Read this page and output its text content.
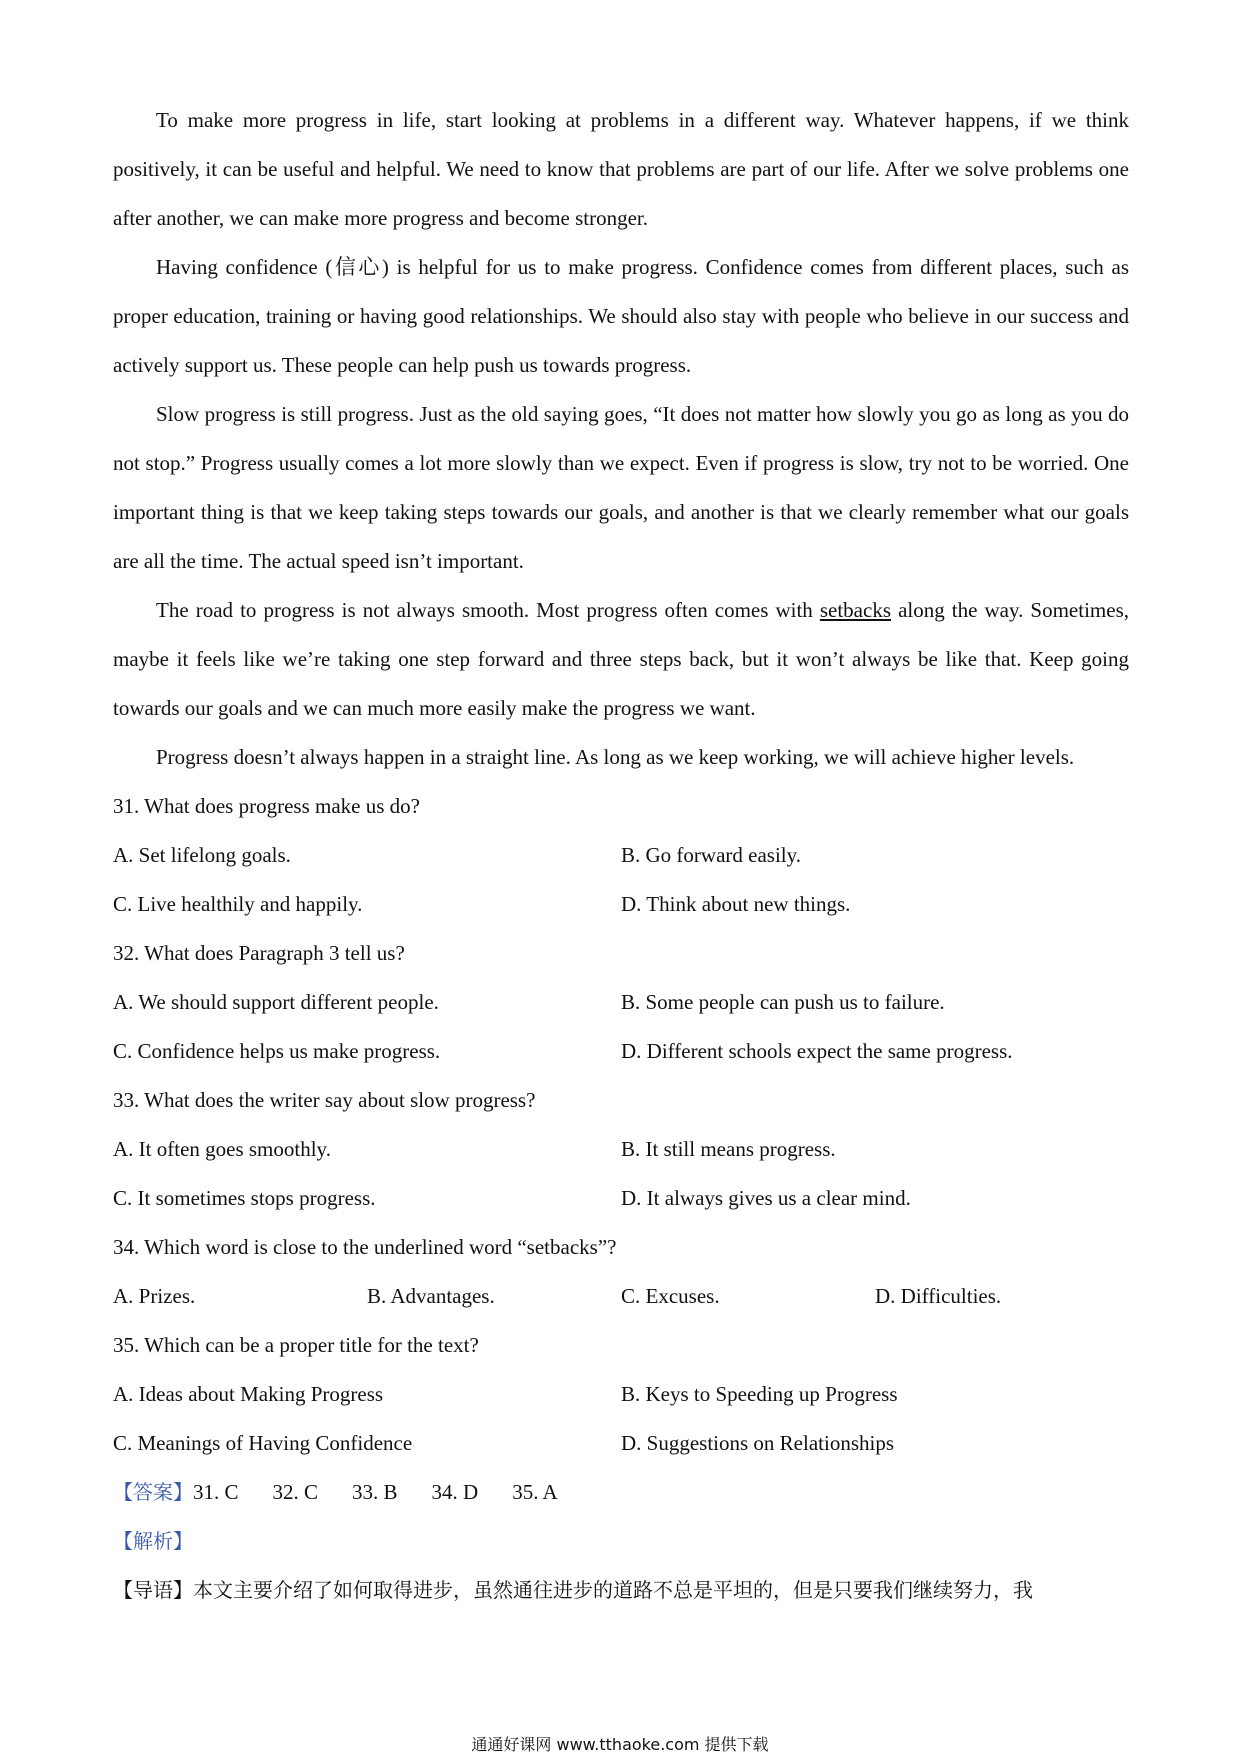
To make more progress in life, start looking at problems in a different way. Whatever happens, if we think positively, it can be useful and helpful. We need to know that problems are part of our life. After we solve problems one after another, we can make more progress and become stronger.

Having confidence (信心) is helpful for us to make progress. Confidence comes from different places, such as proper education, training or having good relationships. We should also stay with people who believe in our success and actively support us. These people can help push us towards progress.

Slow progress is still progress. Just as the old saying goes, “It does not matter how slowly you go as long as you do not stop.” Progress usually comes a lot more slowly than we expect. Even if progress is slow, try not to be worried. One important thing is that we keep taking steps towards our goals, and another is that we clearly remember what our goals are all the time. The actual speed isn’t important.

The road to progress is not always smooth. Most progress often comes with setbacks along the way. Sometimes, maybe it feels like we’re taking one step forward and three steps back, but it won’t always be like that. Keep going towards our goals and we can much more easily make the progress we want.

Progress doesn’t always happen in a straight line. As long as we keep working, we will achieve higher levels.

31. What does progress make us do?

A. Set lifelong goals.	B. Go forward easily.
C. Live healthily and happily.	D. Think about new things.

32. What does Paragraph 3 tell us?

A. We should support different people.	B. Some people can push us to failure.
C. Confidence helps us make progress.	D. Different schools expect the same progress.

33. What does the writer say about slow progress?

A. It often goes smoothly.	B. It still means progress.
C. It sometimes stops progress.	D. It always gives us a clear mind.

34. Which word is close to the underlined word “setbacks”?

A. Prizes.	B. Advantages.	C. Excuses.	D. Difficulties.

35. Which can be a proper title for the text?

A. Ideas about Making Progress	B. Keys to Speeding up Progress
C. Meanings of Having Confidence	D. Suggestions on Relationships
【答案】31. C 32. C 33. B 34. D 35. A
【解析】
【导语】本文主要介绍了如何取得进步，虽然通往进步的道路不总是平坦的，但是只要我们继续努力，我
通通好课网 www.tthaoke.com 提供下载
